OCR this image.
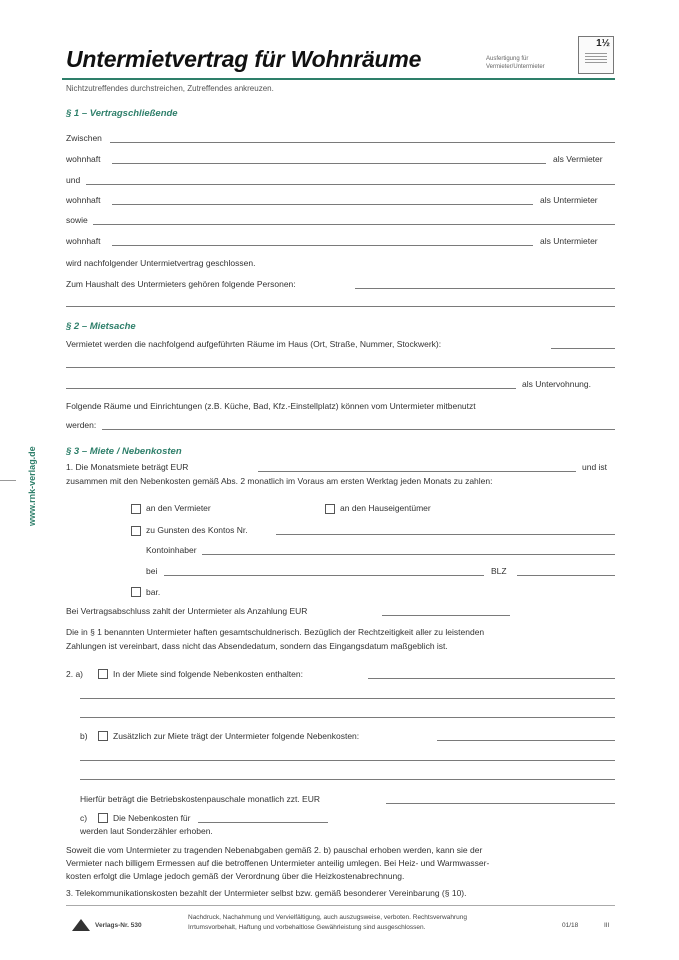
Untermietvertrag für Wohnräume	Ausfertigung für Vermieter/Untermieter
1½
Nichtzutreffendes durchstreichen, Zutreffendes ankreuzen.
www.rnk-verlag.de
§ 1 – Vertragschließende
Zwischen
wohnhaft	als Vermieter
und
wohnhaft	als Untermieter
sowie
wohnhaft	als Untermieter
wird nachfolgender Untermietvertrag geschlossen.
Zum Haushalt des Untermieters gehören folgende Personen:
§ 2 – Mietsache
Vermietet werden die nachfolgend aufgeführten Räume im Haus (Ort, Straße, Nummer, Stockwerk):
als Untervohnung.
Folgende Räume und Einrichtungen (z.B. Küche, Bad, Kfz.-Einstellplatz) können vom Untermieter mitbenutzt
werden:
§ 3 – Miete / Nebenkosten
1. Die Monatsmiete beträgt EUR	und ist
zusammen mit den Nebenkosten gemäß Abs. 2 monatlich im Voraus am ersten Werktag jeden Monats zu zahlen:
an den Vermieter	an den Hauseigentümer
zu Gunsten des Kontos Nr.
Kontoinhaber
bei	BLZ
bar.
Bei Vertragsabschluss zahlt der Untermieter als Anzahlung EUR
Die in § 1 benannten Untermieter haften gesamtschuldnerisch. Bezüglich der Rechtzeitigkeit aller zu leistenden
Zahlungen ist vereinbart, dass nicht das Absendedatum, sondern das Eingangsdatum maßgeblich ist.
2. a)	In der Miete sind folgende Nebenkosten enthalten:
b)	Zusätzlich zur Miete trägt der Untermieter folgende Nebenkosten:
Hierfür beträgt die Betriebskostenpauschale monatlich zzt. EUR
c)	Die Nebenkosten für
werden laut Sonderzähler erhoben.
Soweit die vom Untermieter zu tragenden Nebenabgaben gemäß 2. b) pauschal erhoben werden, kann sie der
Vermieter nach billigem Ermessen auf die betroffenen Untermieter anteilig umlegen. Bei Heiz- und Warmwasser-
kosten erfolgt die Umlage jedoch gemäß der Verordnung über die Heizkostenabrechnung.
3. Telekommunikationskosten bezahlt der Untermieter selbst bzw. gemäß besonderer Vereinbarung (§ 10).
Verlags-Nr. 530
Nachdruck, Nachahmung und Vervielfältigung, auch auszugsweise, verboten. Rechtsverwahrung
Irrtumsvorbehalt, Haftung und vorbehaltlose Gewährleistung sind ausgeschlossen.	01/18	III
